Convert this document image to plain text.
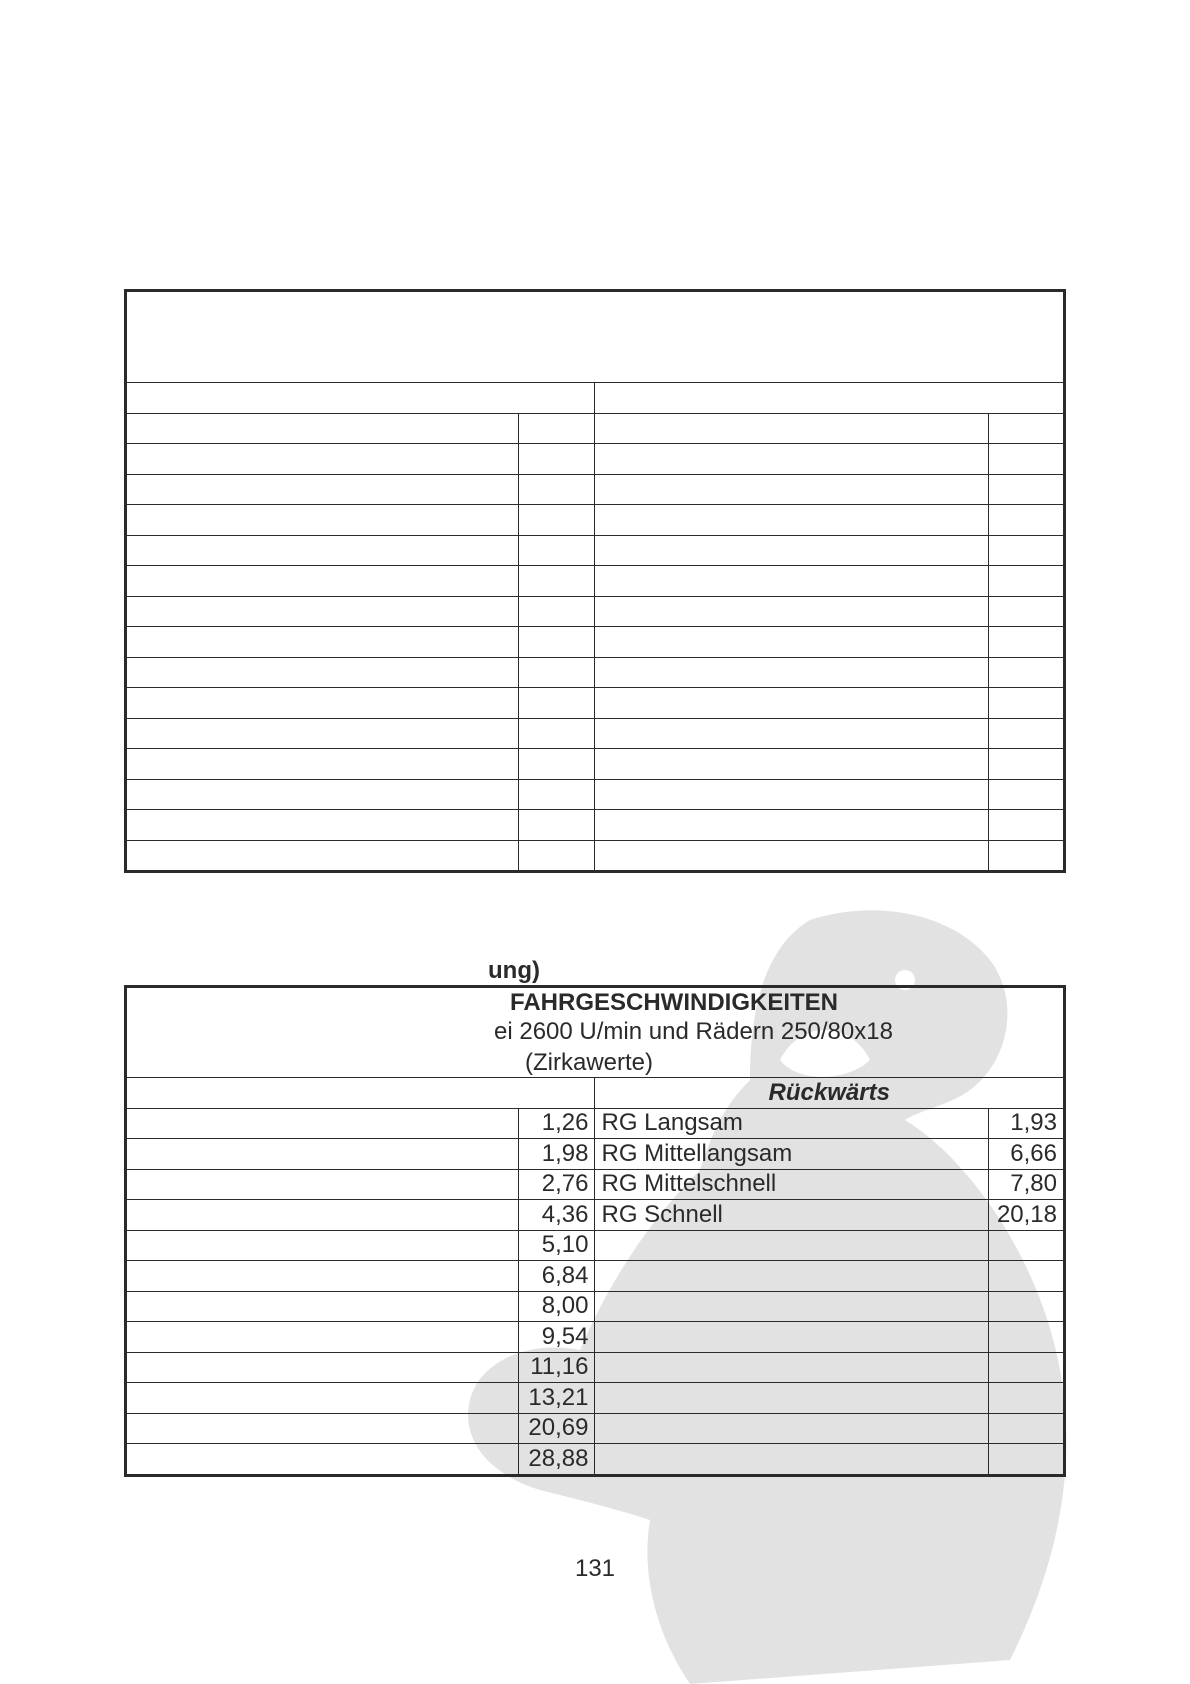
ung)
FAHRGESCHWINDIGKEITEN
ei 2600 U/min und Rädern 250/80x18
(Zirkawerte)

		Rückwärts	
	1,26	RG Langsam	1,93
	1,98	RG Mittellangsam	6,66
	2,76	RG Mittelschnell	7,80
	4,36	RG Schnell	20,18
	5,10		
	6,84		
	8,00		
	9,54		
	11,16		
	13,21		
	20,69		
	28,88		
131
